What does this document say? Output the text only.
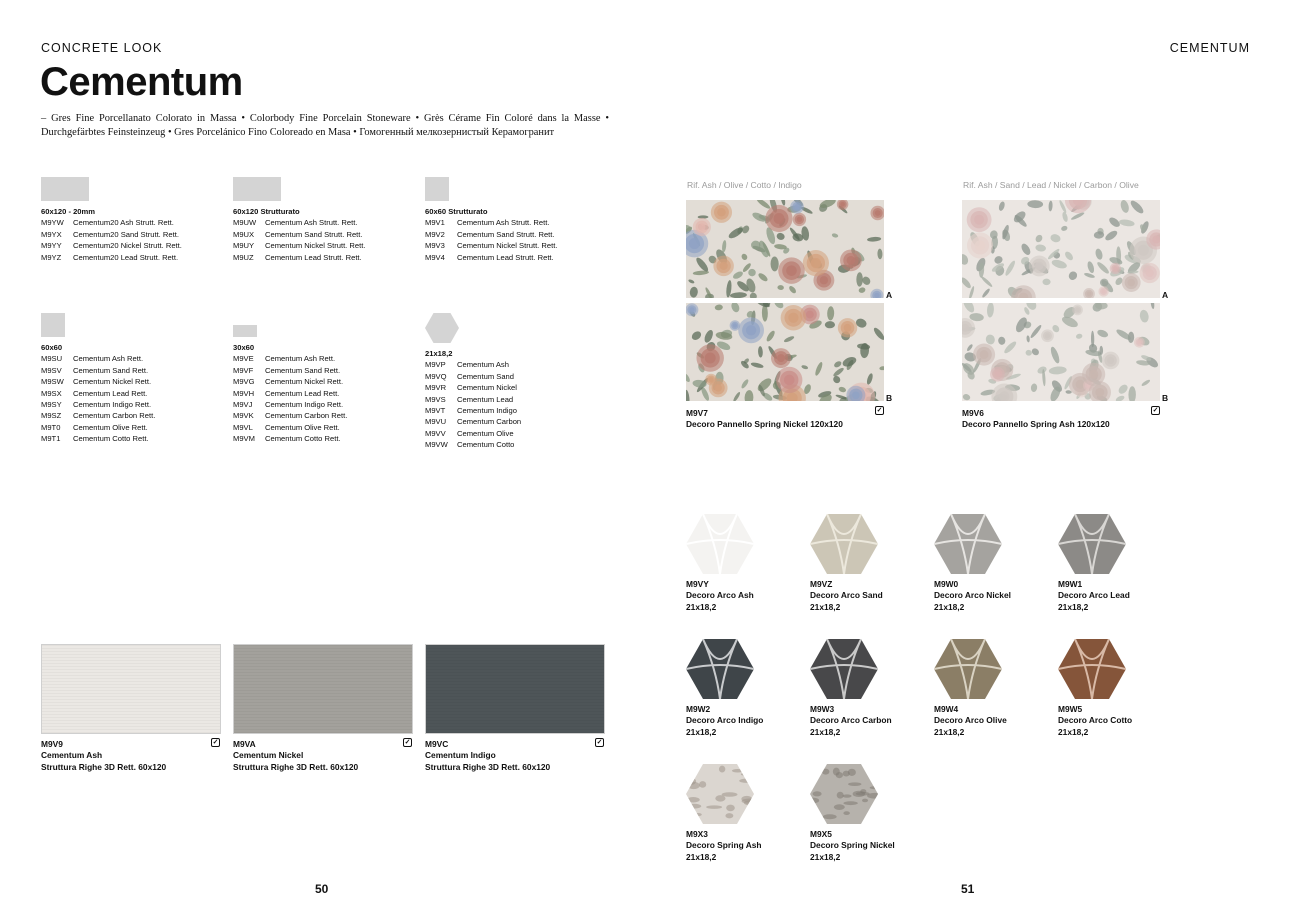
CONCRETE LOOK	CEMENTUM
Cementum
– Gres Fine Porcellanato Colorato in Massa • Colorbody Fine Porcelain Stoneware • Grès Cérame Fin Coloré dans la Masse • Durchgefärbtes Feinsteinzeug • Gres Porcelánico Fino Coloreado en Masa • Гомогенный мелкозернистый Керамогранит
60x120 - 20mm
M9YW	Cementum20 Ash Strutt. Rett.
M9YX	Cementum20 Sand Strutt. Rett.
M9YY	Cementum20 Nickel Strutt. Rett.
M9YZ	Cementum20 Lead Strutt. Rett.
60x120 Strutturato
M9UW	Cementum Ash Strutt. Rett.
M9UX	Cementum Sand Strutt. Rett.
M9UY	Cementum Nickel Strutt. Rett.
M9UZ	Cementum Lead Strutt. Rett.
60x60 Strutturato
M9V1	Cementum Ash Strutt. Rett.
M9V2	Cementum Sand Strutt. Rett.
M9V3	Cementum Nickel Strutt. Rett.
M9V4	Cementum Lead Strutt. Rett.
60x60
M9SU	Cementum Ash Rett.
M9SV	Cementum Sand Rett.
M9SW	Cementum Nickel Rett.
M9SX	Cementum Lead Rett.
M9SY	Cementum Indigo Rett.
M9SZ	Cementum Carbon Rett.
M9T0	Cementum Olive Rett.
M9T1	Cementum Cotto Rett.
30x60
M9VE	Cementum Ash Rett.
M9VF	Cementum Sand Rett.
M9VG	Cementum Nickel Rett.
M9VH	Cementum Lead Rett.
M9VJ	Cementum Indigo Rett.
M9VK	Cementum Carbon Rett.
M9VL	Cementum Olive Rett.
M9VM	Cementum Cotto Rett.
21x18,2
M9VP	Cementum Ash
M9VQ	Cementum Sand
M9VR	Cementum Nickel
M9VS	Cementum Lead
M9VT	Cementum Indigo
M9VU	Cementum Carbon
M9VV	Cementum Olive
M9VW	Cementum Cotto
M9V9
Cementum Ash
Struttura Righe 3D Rett. 60x120
✓ M9VA
Cementum Nickel
Struttura Righe 3D Rett. 60x120
✓ M9VC
Cementum Indigo
Struttura Righe 3D Rett. 60x120
✓
Rif. Ash / Olive / Cotto / Indigo
A
B
M9V7
Decoro Pannello Spring Nickel 120x120
✓
Rif. Ash / Sand / Lead / Nickel / Carbon / Olive
A
B
M9V6
Decoro Pannello Spring Ash 120x120
✓
M9VY
Decoro Arco Ash
21x18,2
M9VZ
Decoro Arco Sand
21x18,2
M9W0
Decoro Arco Nickel
21x18,2
M9W1
Decoro Arco Lead
21x18,2
M9W2
Decoro Arco Indigo
21x18,2
M9W3
Decoro Arco Carbon
21x18,2
M9W4
Decoro Arco Olive
21x18,2
M9W5
Decoro Arco Cotto
21x18,2
M9X3
Decoro Spring Ash
21x18,2
M9X5
Decoro Spring Nickel
21x18,2
50	51
